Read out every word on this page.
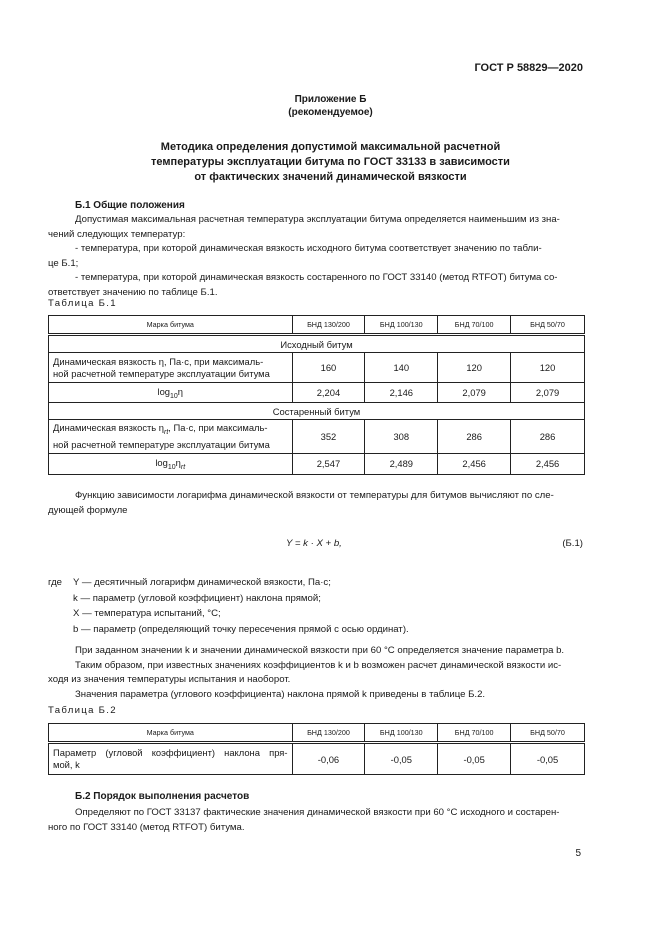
ГОСТ Р 58829—2020
Приложение Б
(рекомендуемое)
Методика определения допустимой максимальной расчетной
температуры эксплуатации битума по ГОСТ 33133 в зависимости
от фактических значений динамической вязкости
Б.1 Общие положения
Допустимая максимальная расчетная температура эксплуатации битума определяется наименьшим из зна-
чений следующих температур:
- температура, при которой динамическая вязкость исходного битума соответствует значению по табли-
це Б.1;
- температура, при которой динамическая вязкость состаренного по ГОСТ 33140 (метод RTFOT) битума со-
ответствует значению по таблице Б.1.
Таблица Б.1
Марка битума	БНД 130/200	БНД 100/130	БНД 70/100	БНД 50/70
Исходный битум				

Динамическая вязкость η, Па·с, при максималь-
ной расчетной температуре эксплуатации битума	160	140	120	120
$\log_{10}\eta$	2,204	2,146	2,079	2,079
Состаренный битум				

Динамическая вязкость $\eta_{rt}$, Па·с, при максималь-
ной расчетной температуре эксплуатации битума	352	308	286	286
$\log_{10}\eta_{rt}$	2,547	2,489	2,456	2,456
Функцию зависимости логарифма динамической вязкости от температуры для битумов вычисляют по сле-
дующей формуле
Y = k · X + b,	(Б.1)
где Y — десятичный логарифм динамической вязкости, Па·с;
k — параметр (угловой коэффициент) наклона прямой;
X — температура испытаний, °С;
b — параметр (определяющий точку пересечения прямой с осью ординат).
При заданном значении k и значении динамической вязкости при 60 °С определяется значение параметра b.
Таким образом, при известных значениях коэффициентов k и b возможен расчет динамической вязкости ис-
ходя из значения температуры испытания и наоборот.
Значения параметра (углового коэффициента) наклона прямой k приведены в таблице Б.2.
Таблица Б.2
Марка битума	БНД 130/200	БНД 100/130	БНД 70/100	БНД 50/70

Параметр (угловой коэффициент) наклона пря-
мой, k	-0,06	-0,05	-0,05	-0,05
Б.2 Порядок выполнения расчетов
Определяют по ГОСТ 33137 фактические значения динамической вязкости при 60 °С исходного и состарен-
ного по ГОСТ 33140 (метод RTFOT) битума.
5
